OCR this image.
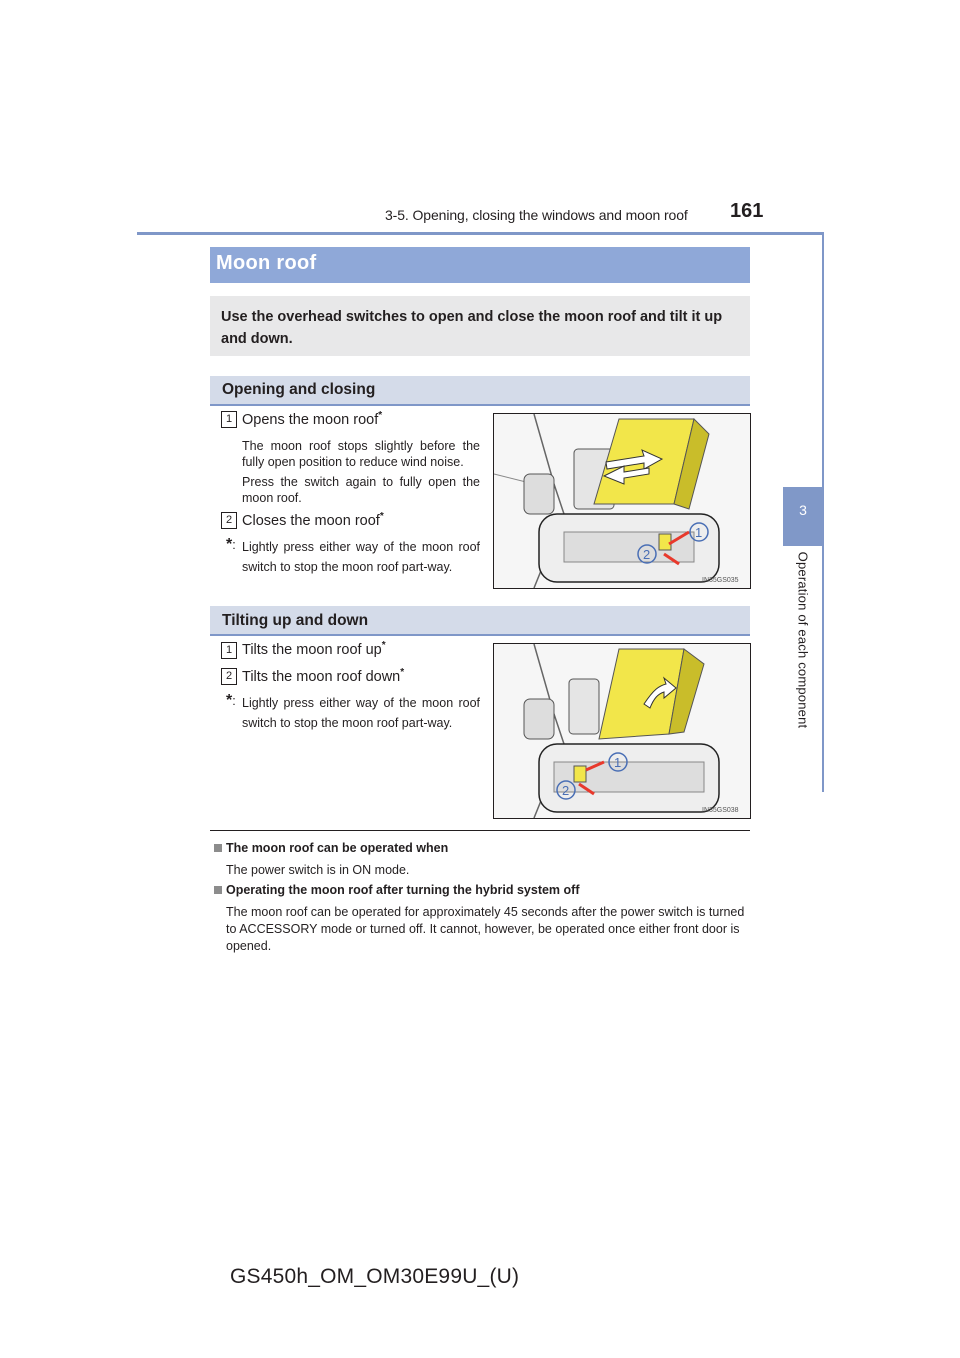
3-5. Opening, closing the windows and moon roof 161
3
Operation of each component
Moon roof
Use the overhead switches to open and close the moon roof and tilt it up and down.
Opening and closing
1 Opens the moon roof*
The moon roof stops slightly before the fully open position to reduce wind noise.
Press the switch again to fully open the moon roof.
2 Closes the moon roof*
*: Lightly press either way of the moon roof switch to stop the moon roof part-way.
1
2
IN35GS035
Tilting up and down
1 Tilts the moon roof up*
2 Tilts the moon roof down*
*: Lightly press either way of the moon roof switch to stop the moon roof part-way.
1
2
IN35GS038
The moon roof can be operated when
The power switch is in ON mode.
Operating the moon roof after turning the hybrid system off
The moon roof can be operated for approximately 45 seconds after the power switch is turned to ACCESSORY mode or turned off. It cannot, however, be operated once either front door is opened.
GS450h_OM_OM30E99U_(U)
